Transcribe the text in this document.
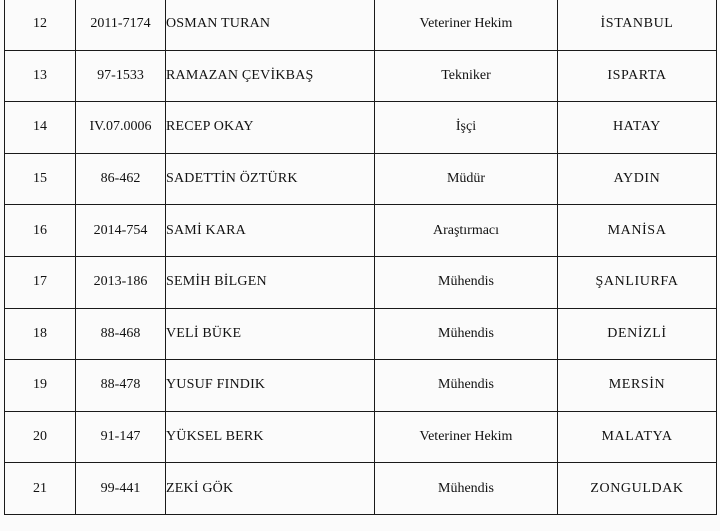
12	2011-7174	OSMAN TURAN	Veteriner Hekim	İSTANBUL
13	97-1533	RAMAZAN ÇEVİKBAŞ	Tekniker	ISPARTA
14	IV.07.0006	RECEP OKAY	İşçi	HATAY
15	86-462	SADETTİN ÖZTÜRK	Müdür	AYDIN
16	2014-754	SAMİ KARA	Araştırmacı	MANİSA
17	2013-186	SEMİH BİLGEN	Mühendis	ŞANLIURFA
18	88-468	VELİ BÜKE	Mühendis	DENİZLİ
19	88-478	YUSUF FINDIK	Mühendis	MERSİN
20	91-147	YÜKSEL BERK	Veteriner Hekim	MALATYA
21	99-441	ZEKİ GÖK	Mühendis	ZONGULDAK
